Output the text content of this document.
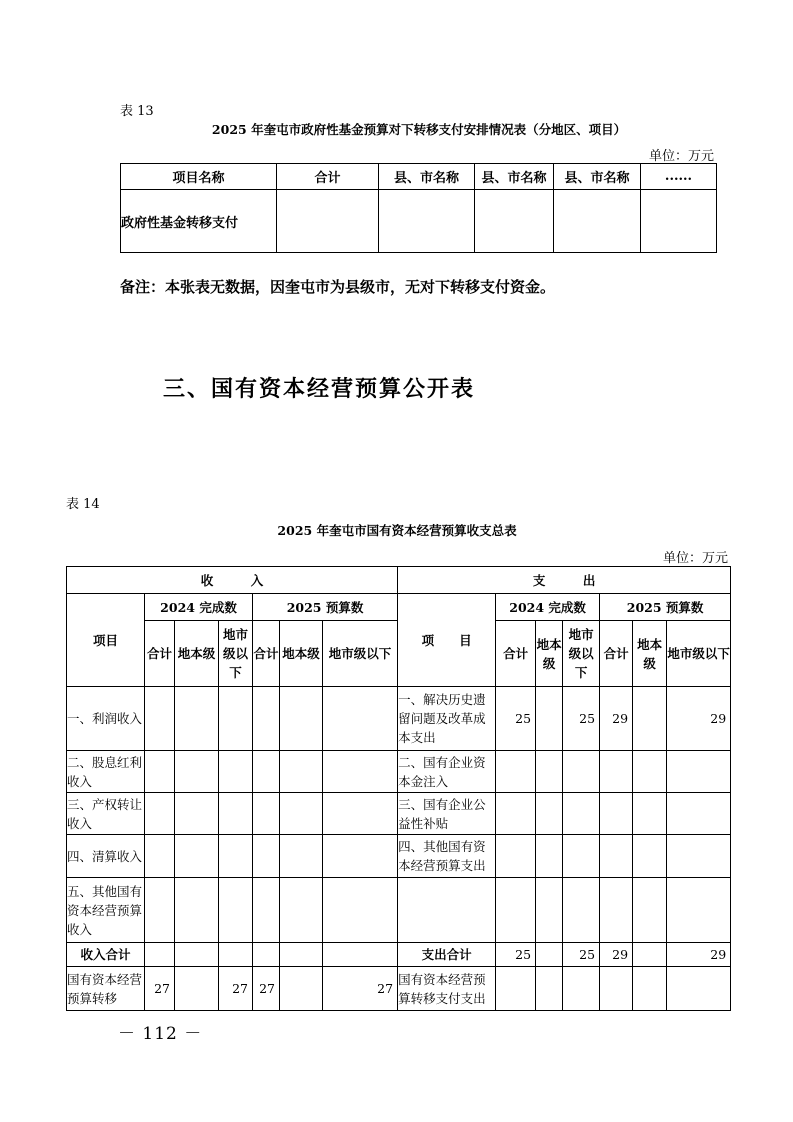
表 13
2025 年奎屯市政府性基金预算对下转移支付安排情况表（分地区、项目）
单位：万元
项目名称	合计	县、市名称	县、市名称	县、市名称	......
政府性基金转移支付					
备注：本张表无数据，因奎屯市为县级市，无对下转移支付资金。
三、国有资本经营预算公开表
表 14
2025 年奎屯市国有资本经营预算收支总表
单位：万元
收　　　入							支　　　出						
项目	2024 完成数			2025 预算数			项　　目	2024 完成数			2025 预算数		
	合计	地本级	地市级以下	合计	地本级	地市级以下		合计	地本级	地市级以下	合计	地本级	地市级以下
一、利润收入							一、解决历史遗留问题及改革成本支出	25		25	29		29
二、股息红利收入							二、国有企业资本金注入						
三、产权转让收入							三、国有企业公益性补贴						
四、清算收入							四、其他国有资本经营预算支出						
五、其他国有资本经营预算收入													
收入合计							支出合计	25		25	29		29
国有资本经营预算转移	27		27	27		27	国有资本经营预算转移支付支出						
－ 112 －
